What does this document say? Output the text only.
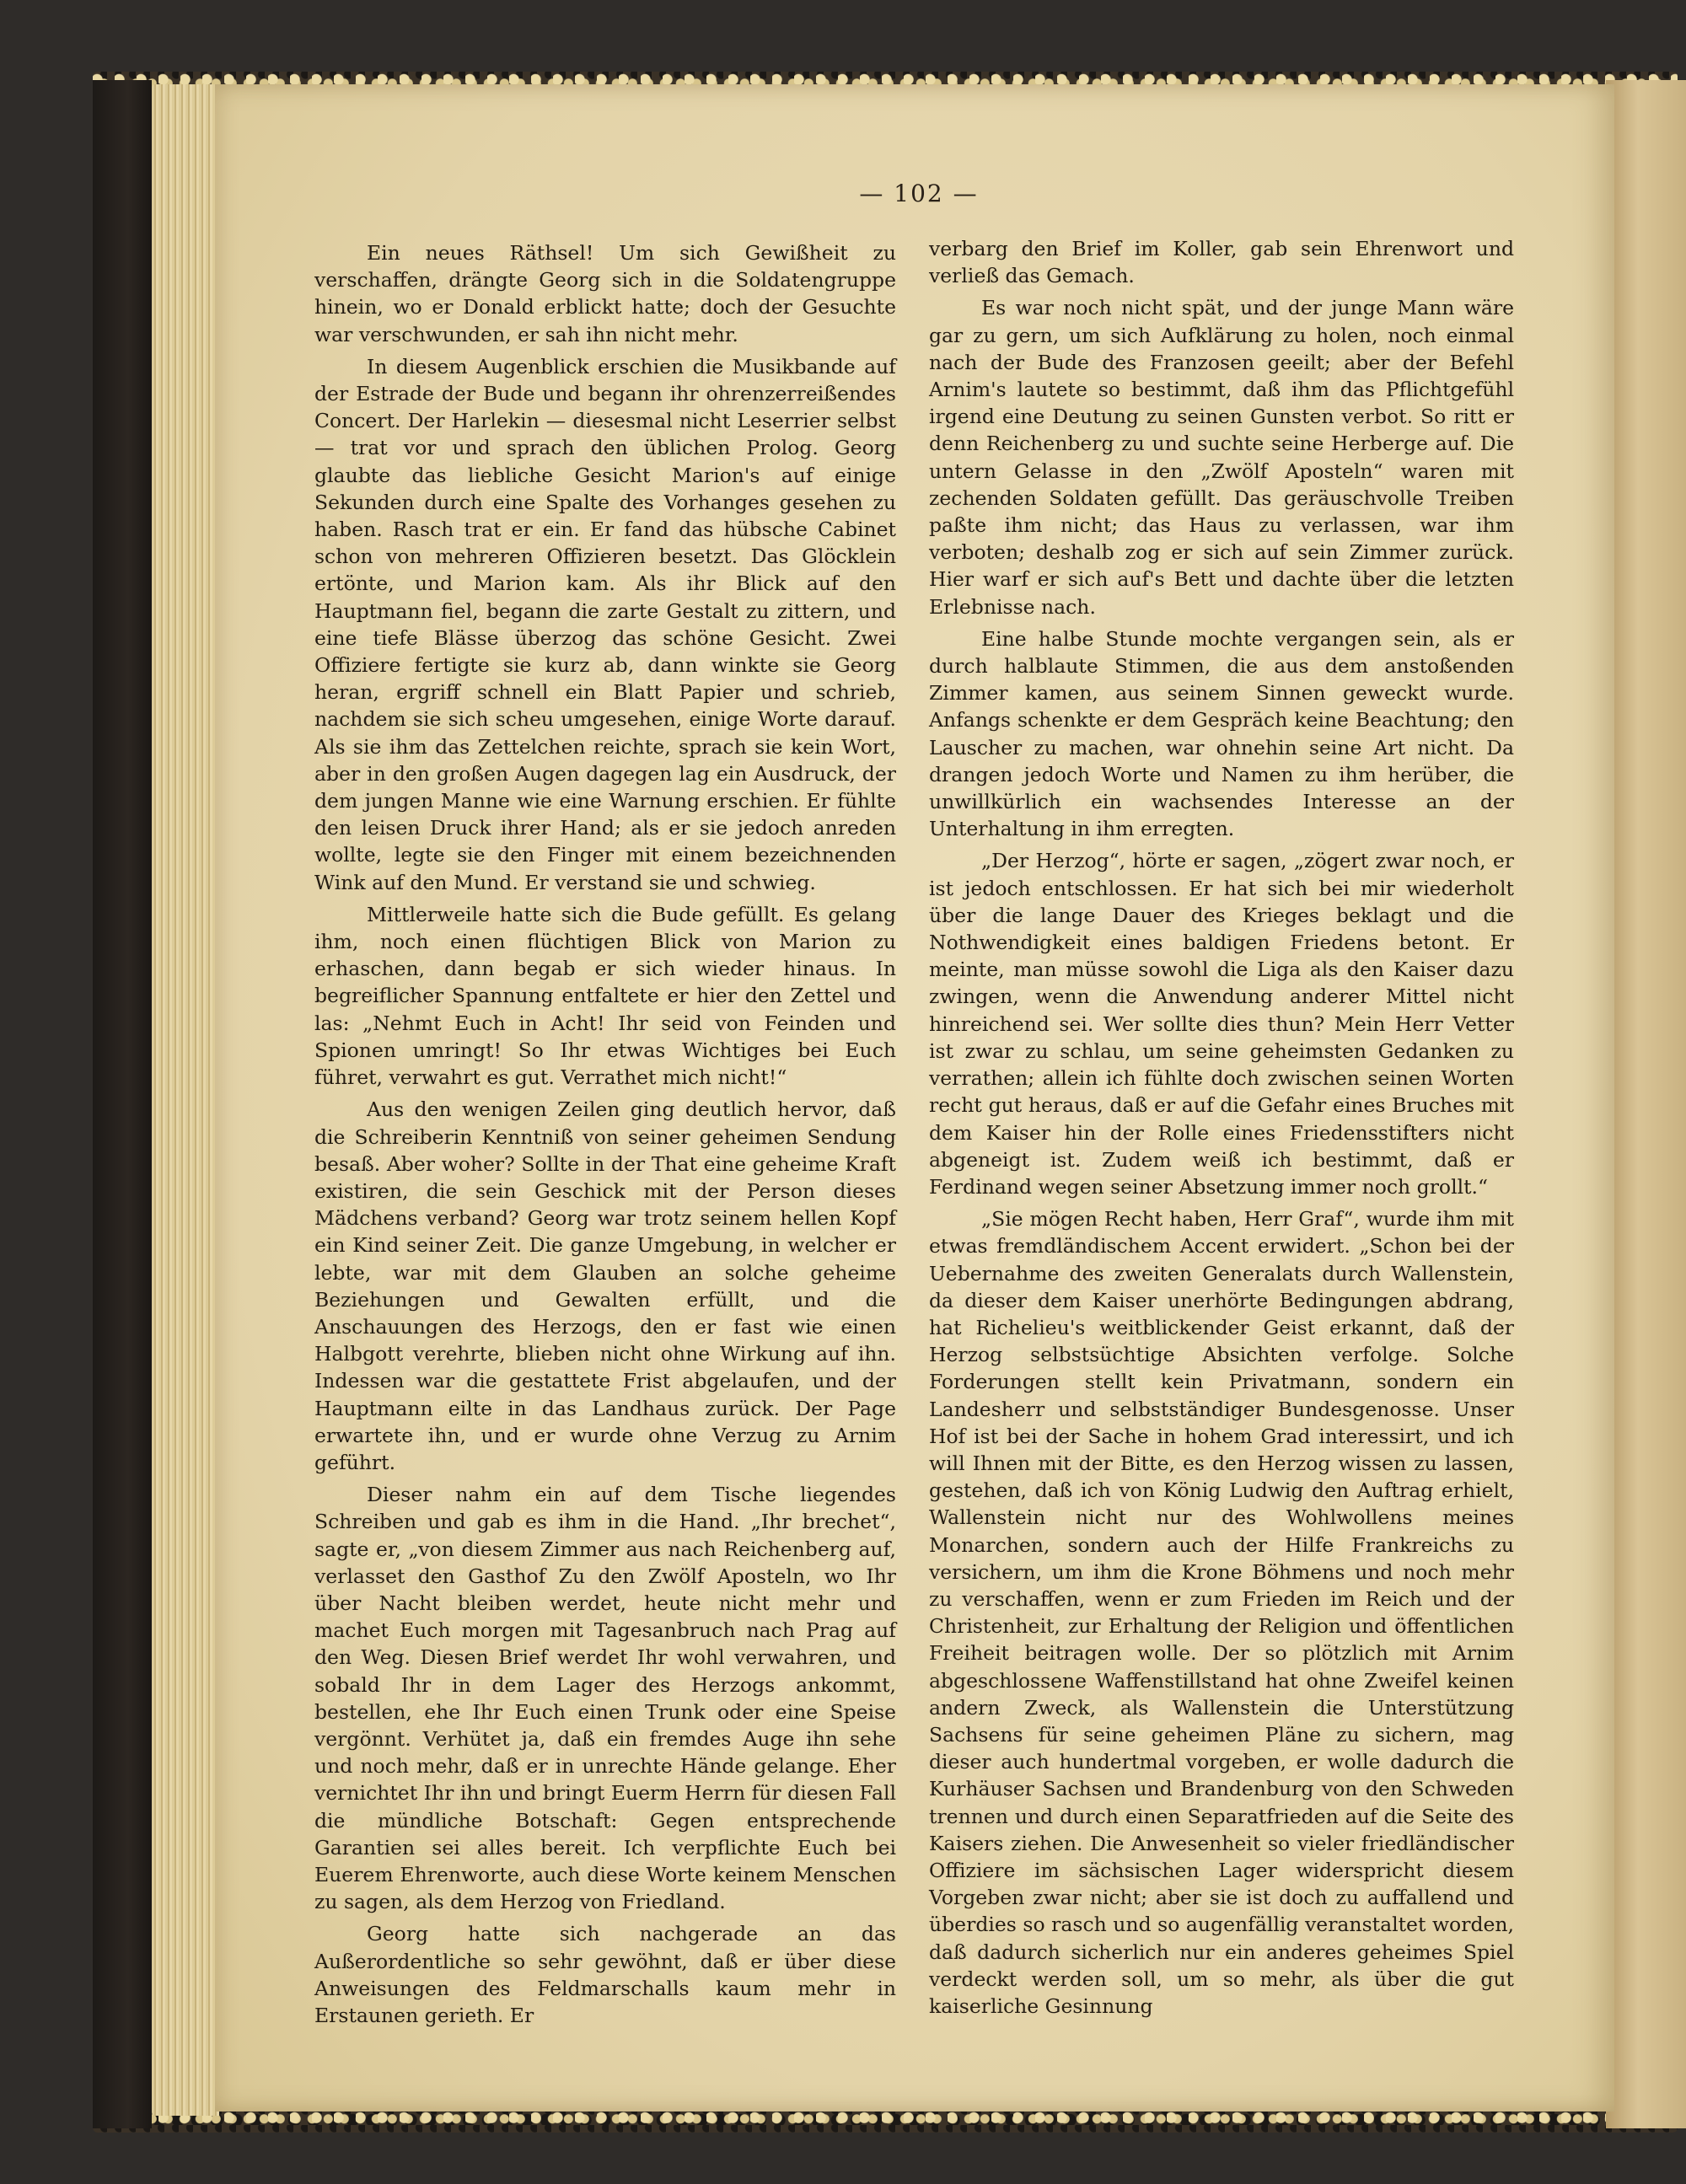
— 102 —

Ein neues Räthsel! Um sich Gewißheit zu verschaffen, drängte Georg sich in die Soldatengruppe hinein, wo er Donald erblickt hatte; doch der Gesuchte war verschwunden, er sah ihn nicht mehr.

In diesem Augenblick erschien die Musikbande auf der Estrade der Bude und begann ihr ohrenzerreißendes Concert. Der Harlekin — diesesmal nicht Leserrier selbst — trat vor und sprach den üblichen Prolog. Georg glaubte das liebliche Gesicht Marion's auf einige Sekunden durch eine Spalte des Vorhanges gesehen zu haben. Rasch trat er ein. Er fand das hübsche Cabinet schon von mehreren Offizieren besetzt. Das Glöcklein ertönte, und Marion kam. Als ihr Blick auf den Hauptmann fiel, begann die zarte Gestalt zu zittern, und eine tiefe Blässe überzog das schöne Gesicht. Zwei Offiziere fertigte sie kurz ab, dann winkte sie Georg heran, ergriff schnell ein Blatt Papier und schrieb, nachdem sie sich scheu umgesehen, einige Worte darauf. Als sie ihm das Zettelchen reichte, sprach sie kein Wort, aber in den großen Augen dagegen lag ein Ausdruck, der dem jungen Manne wie eine Warnung erschien. Er fühlte den leisen Druck ihrer Hand; als er sie jedoch anreden wollte, legte sie den Finger mit einem bezeichnenden Wink auf den Mund. Er verstand sie und schwieg.

Mittlerweile hatte sich die Bude gefüllt. Es gelang ihm, noch einen flüchtigen Blick von Marion zu erhaschen, dann begab er sich wieder hinaus. In begreiflicher Spannung entfaltete er hier den Zettel und las: „Nehmt Euch in Acht! Ihr seid von Feinden und Spionen umringt! So Ihr etwas Wichtiges bei Euch führet, verwahrt es gut. Verrathet mich nicht!“

Aus den wenigen Zeilen ging deutlich hervor, daß die Schreiberin Kenntniß von seiner geheimen Sendung besaß. Aber woher? Sollte in der That eine geheime Kraft existiren, die sein Geschick mit der Person dieses Mädchens verband? Georg war trotz seinem hellen Kopf ein Kind seiner Zeit. Die ganze Umgebung, in welcher er lebte, war mit dem Glauben an solche geheime Beziehungen und Gewalten erfüllt, und die Anschauungen des Herzogs, den er fast wie einen Halbgott verehrte, blieben nicht ohne Wirkung auf ihn. Indessen war die gestattete Frist abgelaufen, und der Hauptmann eilte in das Landhaus zurück. Der Page erwartete ihn, und er wurde ohne Verzug zu Arnim geführt.

Dieser nahm ein auf dem Tische liegendes Schreiben und gab es ihm in die Hand. „Ihr brechet“, sagte er, „von diesem Zimmer aus nach Reichenberg auf, verlasset den Gasthof Zu den Zwölf Aposteln, wo Ihr über Nacht bleiben werdet, heute nicht mehr und machet Euch morgen mit Tagesanbruch nach Prag auf den Weg. Diesen Brief werdet Ihr wohl verwahren, und sobald Ihr in dem Lager des Herzogs ankommt, bestellen, ehe Ihr Euch einen Trunk oder eine Speise vergönnt. Verhütet ja, daß ein fremdes Auge ihn sehe und noch mehr, daß er in unrechte Hände gelange. Eher vernichtet Ihr ihn und bringt Euerm Herrn für diesen Fall die mündliche Botschaft: Gegen entsprechende Garantien sei alles bereit. Ich verpflichte Euch bei Euerem Ehrenworte, auch diese Worte keinem Menschen zu sagen, als dem Herzog von Friedland.

Georg hatte sich nachgerade an das Außerordentliche so sehr gewöhnt, daß er über diese Anweisungen des Feldmarschalls kaum mehr in Erstaunen gerieth. Er

verbarg den Brief im Koller, gab sein Ehrenwort und verließ das Gemach.

Es war noch nicht spät, und der junge Mann wäre gar zu gern, um sich Aufklärung zu holen, noch einmal nach der Bude des Franzosen geeilt; aber der Befehl Arnim's lautete so bestimmt, daß ihm das Pflichtgefühl irgend eine Deutung zu seinen Gunsten verbot. So ritt er denn Reichenberg zu und suchte seine Herberge auf. Die untern Gelasse in den „Zwölf Aposteln“ waren mit zechenden Soldaten gefüllt. Das geräuschvolle Treiben paßte ihm nicht; das Haus zu verlassen, war ihm verboten; deshalb zog er sich auf sein Zimmer zurück. Hier warf er sich auf's Bett und dachte über die letzten Erlebnisse nach.

Eine halbe Stunde mochte vergangen sein, als er durch halblaute Stimmen, die aus dem anstoßenden Zimmer kamen, aus seinem Sinnen geweckt wurde. Anfangs schenkte er dem Gespräch keine Beachtung; den Lauscher zu machen, war ohnehin seine Art nicht. Da drangen jedoch Worte und Namen zu ihm herüber, die unwillkürlich ein wachsendes Interesse an der Unterhaltung in ihm erregten.

„Der Herzog“, hörte er sagen, „zögert zwar noch, er ist jedoch entschlossen. Er hat sich bei mir wiederholt über die lange Dauer des Krieges beklagt und die Nothwendigkeit eines baldigen Friedens betont. Er meinte, man müsse sowohl die Liga als den Kaiser dazu zwingen, wenn die Anwendung anderer Mittel nicht hinreichend sei. Wer sollte dies thun? Mein Herr Vetter ist zwar zu schlau, um seine geheimsten Gedanken zu verrathen; allein ich fühlte doch zwischen seinen Worten recht gut heraus, daß er auf die Gefahr eines Bruches mit dem Kaiser hin der Rolle eines Friedensstifters nicht abgeneigt ist. Zudem weiß ich bestimmt, daß er Ferdinand wegen seiner Absetzung immer noch grollt.“

„Sie mögen Recht haben, Herr Graf“, wurde ihm mit etwas fremdländischem Accent erwidert. „Schon bei der Uebernahme des zweiten Generalats durch Wallenstein, da dieser dem Kaiser unerhörte Bedingungen abdrang, hat Richelieu's weitblickender Geist erkannt, daß der Herzog selbstsüchtige Absichten verfolge. Solche Forderungen stellt kein Privatmann, sondern ein Landesherr und selbstständiger Bundesgenosse. Unser Hof ist bei der Sache in hohem Grad interessirt, und ich will Ihnen mit der Bitte, es den Herzog wissen zu lassen, gestehen, daß ich von König Ludwig den Auftrag erhielt, Wallenstein nicht nur des Wohlwollens meines Monarchen, sondern auch der Hilfe Frankreichs zu versichern, um ihm die Krone Böhmens und noch mehr zu verschaffen, wenn er zum Frieden im Reich und der Christenheit, zur Erhaltung der Religion und öffentlichen Freiheit beitragen wolle. Der so plötzlich mit Arnim abgeschlossene Waffenstillstand hat ohne Zweifel keinen andern Zweck, als Wallenstein die Unterstützung Sachsens für seine geheimen Pläne zu sichern, mag dieser auch hundertmal vorgeben, er wolle dadurch die Kurhäuser Sachsen und Brandenburg von den Schweden trennen und durch einen Separatfrieden auf die Seite des Kaisers ziehen. Die Anwesenheit so vieler friedländischer Offiziere im sächsischen Lager widerspricht diesem Vorgeben zwar nicht; aber sie ist doch zu auffallend und überdies so rasch und so augenfällig veranstaltet worden, daß dadurch sicherlich nur ein anderes geheimes Spiel verdeckt werden soll, um so mehr, als über die gut kaiserliche Gesinnung
